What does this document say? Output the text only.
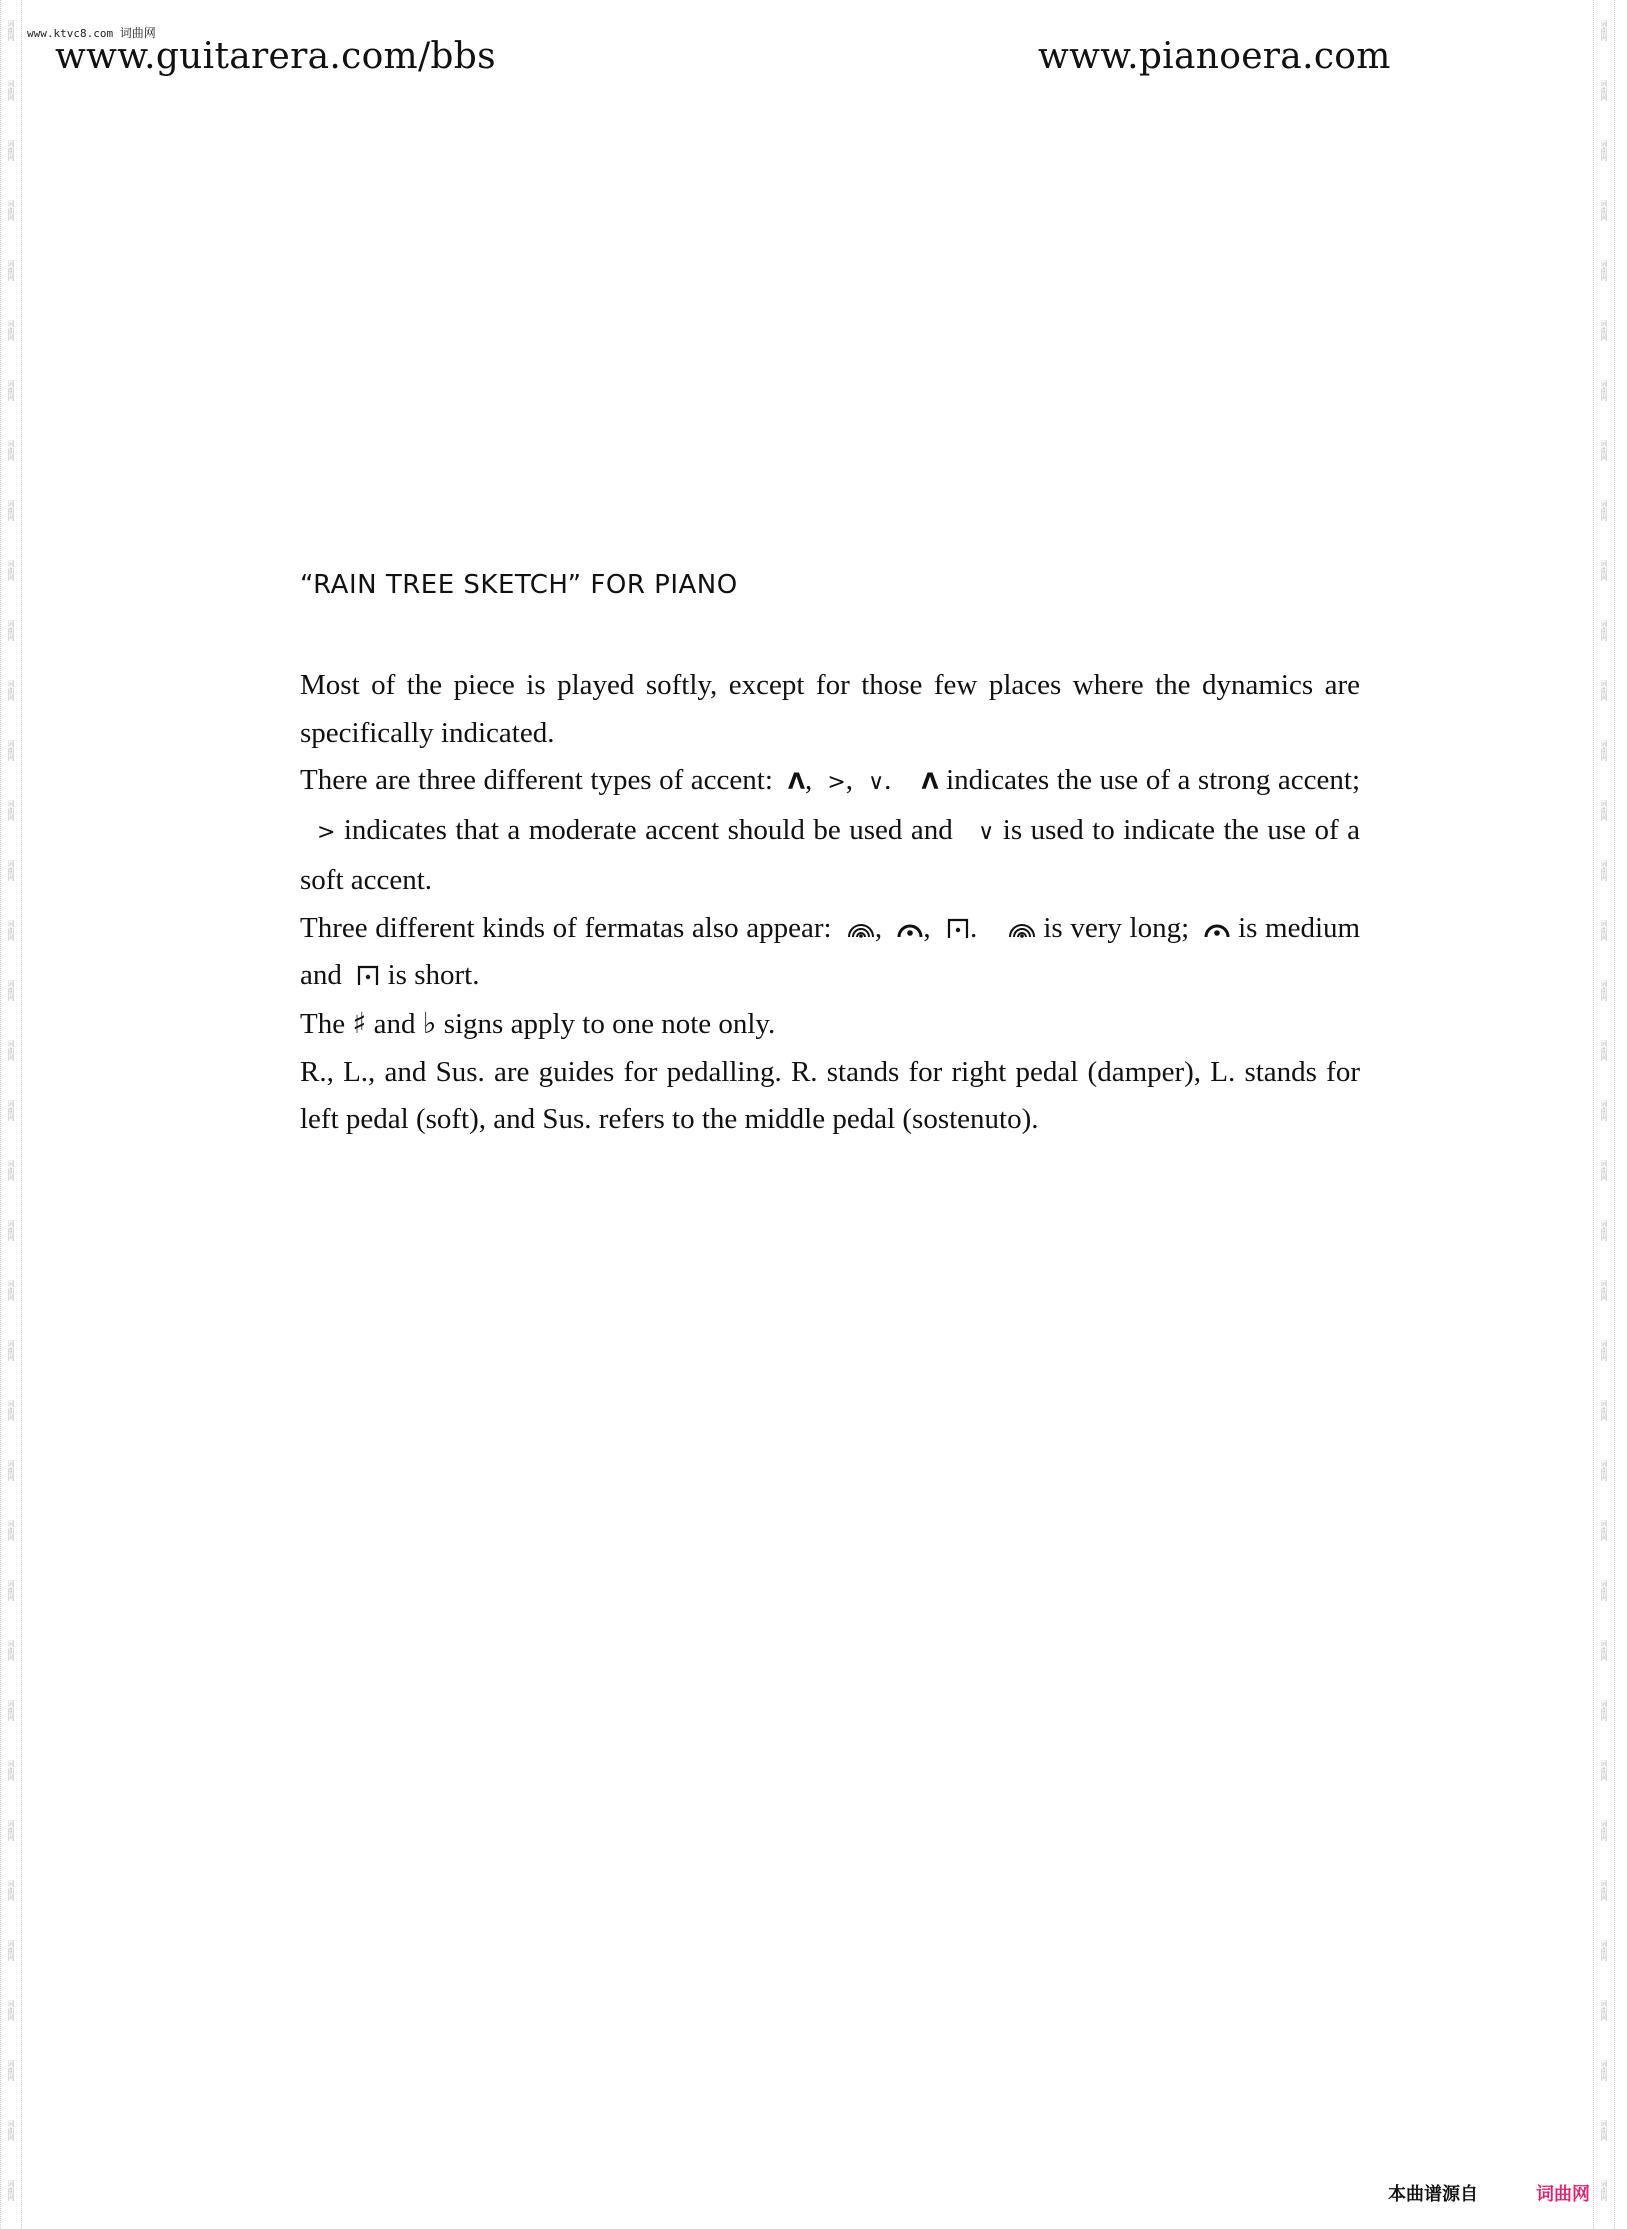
词曲网
词曲网
词曲网
词曲网
词曲网
词曲网
词曲网
词曲网
词曲网
词曲网
词曲网
词曲网
词曲网
词曲网
词曲网
词曲网
词曲网
词曲网
词曲网
词曲网
词曲网
词曲网
词曲网
词曲网
词曲网
词曲网
词曲网
词曲网
词曲网
词曲网
词曲网
词曲网
词曲网
词曲网
词曲网
词曲网
词曲网
词曲网
词曲网
词曲网
词曲网
词曲网
词曲网
词曲网
词曲网
词曲网
词曲网
词曲网
词曲网
词曲网
词曲网
词曲网
词曲网
词曲网
词曲网
词曲网
词曲网
词曲网
词曲网
词曲网
词曲网
词曲网
词曲网
词曲网
词曲网
词曲网
词曲网
词曲网
词曲网
词曲网
词曲网
词曲网
词曲网
词曲网
www.ktvc8.com 词曲网
www.guitarera.com/bbs	www.pianoera.com
“RAIN TREE SKETCH” FOR PIANO

Most of the piece is played softly, except for those few places where the dynamics are specifically indicated.

There are three different types of accent: Λ,  >,  ∨.    Λ indicates the use of a strong accent;   > indicates that a moderate accent should be used and ∨ is used to indicate the use of a soft accent.

Three different kinds of fermatas also appear: ,  ,  .     is very long; is medium and is short.

The ♯ and ♭ signs apply to one note only.

R., L., and Sus. are guides for pedalling. R. stands for right pedal (damper), L. stands for left pedal (soft), and Sus. refers to the middle pedal (sostenuto).

本曲谱源自	词曲网
